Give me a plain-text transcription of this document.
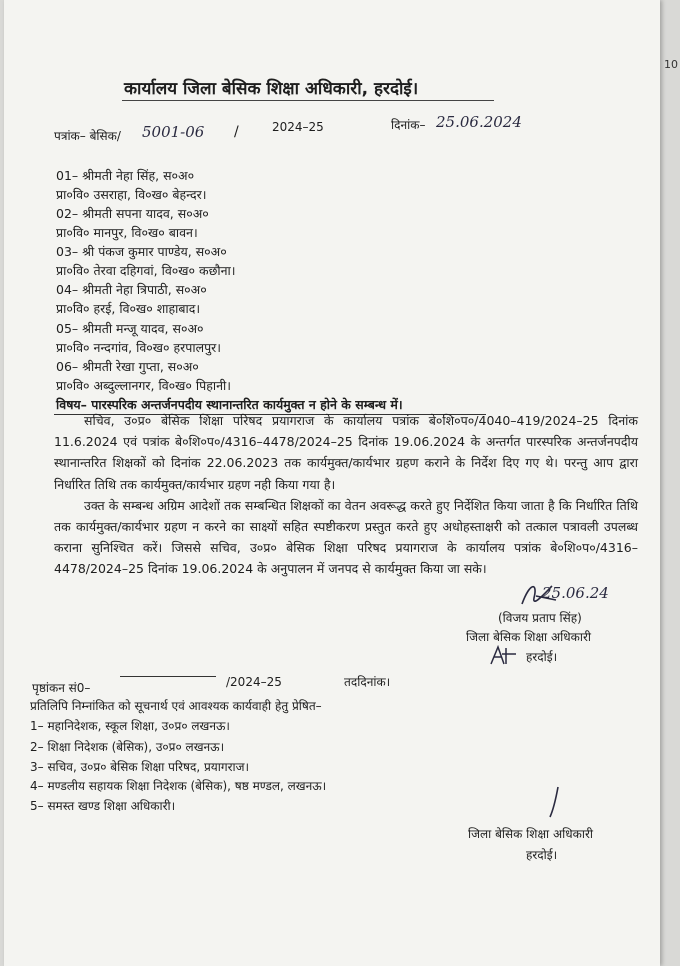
कार्यालय जिला बेसिक शिक्षा अधिकारी, हरदोई।
पत्रांक– बेसिक/ 5001-06 /	2024–25	दिनांक– 25.06.2024
01– श्रीमती नेहा सिंह, स०अ०
प्रा०वि० उसराहा, वि०ख० बेहन्दर।
02– श्रीमती सपना यादव, स०अ०
प्रा०वि० मानपुर, वि०ख० बावन।
03– श्री पंकज कुमार पाण्डेय, स०अ०
प्रा०वि० तेरवा दहिगवां, वि०ख० कछौना।
04– श्रीमती नेहा त्रिपाठी, स०अ०
प्रा०वि० हरई, वि०ख० शाहाबाद।
05– श्रीमती मन्जू यादव, स०अ०
प्रा०वि० नन्दगांव, वि०ख० हरपालपुर।
06– श्रीमती रेखा गुप्ता, स०अ०
प्रा०वि० अब्दुल्लानगर, वि०ख० पिहानी।
विषय– पारस्परिक अन्तर्जनपदीय स्थानान्तरित कार्यमुक्त न होने के सम्बन्ध में।

सचिव, उ०प्र० बेसिक शिक्षा परिषद प्रयागराज के कार्यालय पत्रांक बे०शि०प०/4040–419/2024–25 दिनांक 11.6.2024 एवं पत्रांक बे०शि०प०/4316–4478/2024–25 दिनांक 19.06.2024 के अन्तर्गत पारस्परिक अन्तर्जनपदीय स्थानान्तरित शिक्षकों को दिनांक 22.06.2023 तक कार्यमुक्त/कार्यभार ग्रहण कराने के निर्देश दिए गए थे। परन्तु आप द्वारा निर्धारित तिथि तक कार्यमुक्त/कार्यभार ग्रहण नही किया गया है।

उक्त के सम्बन्ध अग्रिम आदेशों तक सम्बन्धित शिक्षकों का वेतन अवरूद्ध करते हुए निर्देशित किया जाता है कि निर्धारित तिथि तक कार्यमुक्त/कार्यभार ग्रहण न करने का साक्ष्यों सहित स्पष्टीकरण प्रस्तुत करते हुए अधोहस्ताक्षरी को तत्काल पत्रावली उपलब्ध कराना सुनिश्चित करें। जिससे सचिव, उ०प्र० बेसिक शिक्षा परिषद प्रयागराज के कार्यालय पत्रांक बे०शि०प०/4316–4478/2024–25 दिनांक 19.06.2024 के अनुपालन में जनपद से कार्यमुक्त किया जा सके।

25.06.24
(विजय प्रताप सिंह)
जिला बेसिक शिक्षा अधिकारी
हरदोई।
पृष्ठांकन सं0–	/2024–25	तददिनांक।
प्रतिलिपि निम्नांकित को सूचनार्थ एवं आवश्यक कार्यवाही हेतु प्रेषित–
1– महानिदेशक, स्कूल शिक्षा, उ०प्र० लखनऊ।
2– शिक्षा निदेशक (बेसिक), उ०प्र० लखनऊ।
3– सचिव, उ०प्र० बेसिक शिक्षा परिषद, प्रयागराज।
4– मण्डलीय सहायक शिक्षा निदेशक (बेसिक), षष्ठ मण्डल, लखनऊ।
5– समस्त खण्ड शिक्षा अधिकारी।
जिला बेसिक शिक्षा अधिकारी
हरदोई।
10
